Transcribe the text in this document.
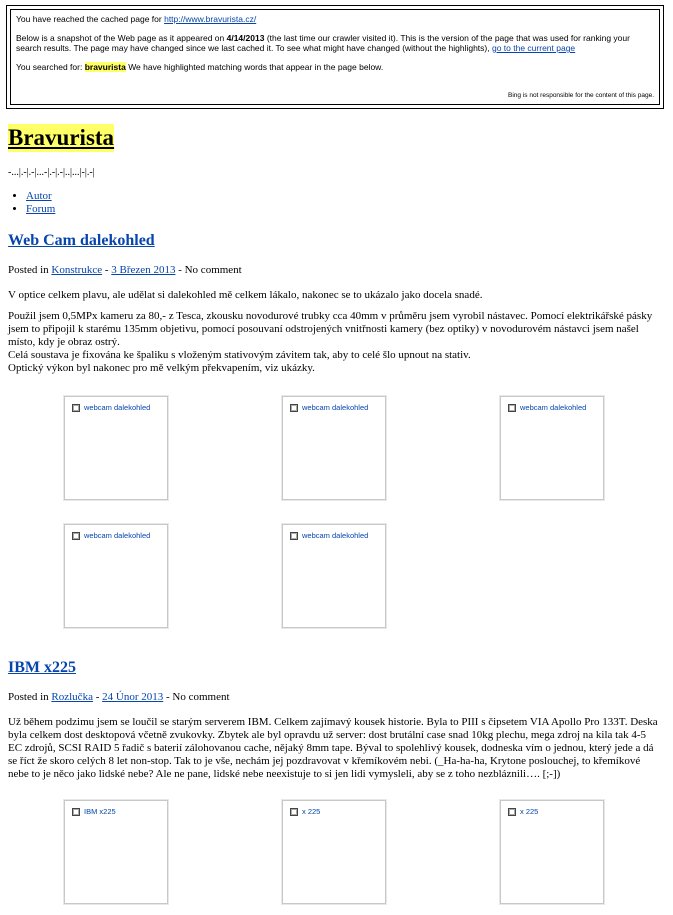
You have reached the cached page for http://www.bravurista.cz/

Below is a snapshot of the Web page as it appeared on 4/14/2013 (the last time our crawler visited it). This is the version of the page that was used for ranking your search results. The page may have changed since we last cached it. To see what might have changed (without the highlights), go to the current page

You searched for: bravurista We have highlighted matching words that appear in the page below.

Bing is not responsible for the content of this page.
Bravurista
-...|.-|.-|...-|.-|.-|..|...|-|.-|
• Autor
• Forum
Web Cam dalekohled
Posted in Konstrukce - 3 Březen 2013 - No comment

V optice celkem plavu, ale udělat si dalekohled mě celkem lákalo, nakonec se to ukázalo jako docela snadé.

Použil jsem 0,5MPx kameru za 80,- z Tesca, zkousku novodurové trubky cca 40mm v průměru jsem vyrobil nástavec. Pomocí elektrikářské pásky jsem to připojil k starému 135mm objetivu, pomocí posouvaní odstrojených vnitřnosti kamery (bez optiky) v novodurovém nástavci jsem našel místo, kdy je obraz ostrý.

Celá soustava je fixována ke špaliku s vloženým stativovým závitem tak, aby to celé šlo upnout na stativ.
Optický výkon byl nakonec pro mě velkým překvapením, viz ukázky.
webcam dalekohled	webcam dalekohled	webcam dalekohled
webcam dalekohled	webcam dalekohled
IBM x225
Posted in Rozlučka - 24 Únor 2013 - No comment

Už během podzimu jsem se loučil se starým serverem IBM. Celkem zajímavý kousek historie. Byla to PIII s čipsetem VIA Apollo Pro 133T. Deska byla celkem dost desktopová včetně zvukovky. Zbytek ale byl opravdu už server: dost brutální case snad 10kg plechu, mega zdroj na kila tak 4-5 EC zdrojů, SCSI RAID 5 řadič s baterií zálohovanou cache, nějaký 8mm tape. Býval to spolehlivý kousek, dodneska vím o jednou, který jede a dá se říct že skoro celých 8 let non-stop. Tak to je vše, nechám jej pozdravovat v křemíkovém nebi. (_Ha-ha-ha, Krytone poslouchej, to křemíkové nebe to je něco jako lidské nebe? Ale ne pane, lidské nebe neexistuje to si jen lidi vymysleli, aby se z toho nezbláznili…. [;-])

IBM x225	x 225	x 225
